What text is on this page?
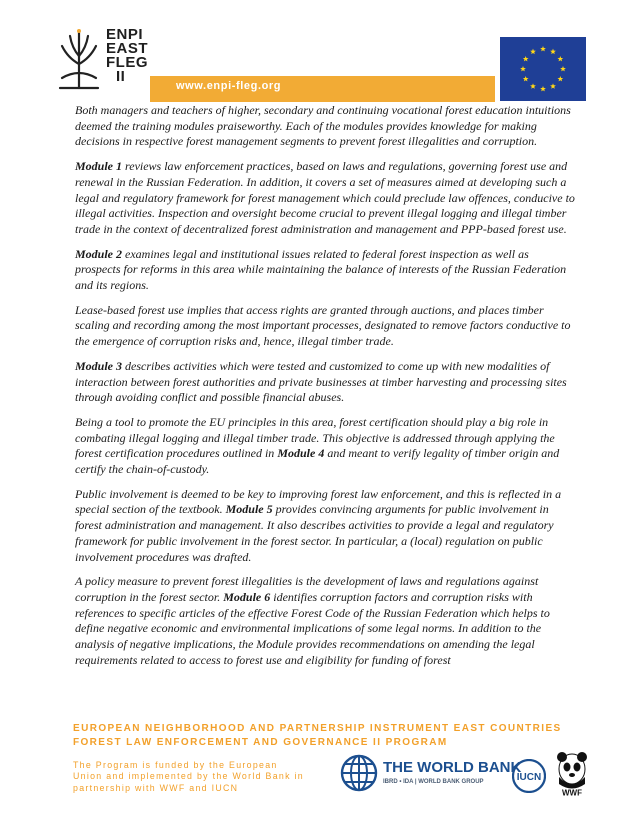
ENPI
EAST
FLEG
II
www.enpi-fleg.org

Both managers and teachers of higher, secondary and continuing vocational forest education intuitions deemed the training modules praiseworthy. Each of the modules provides knowledge for making decisions in respective forest management segments to prevent forest illegalities and corruption.

Module 1 reviews law enforcement practices, based on laws and regulations, governing forest use and renewal in the Russian Federation. In addition, it covers a set of measures aimed at developing such a legal and regulatory framework for forest management which could preclude law offences, conducive to illegal activities. Inspection and oversight become crucial to prevent illegal logging and illegal timber trade in the context of decentralized forest administration and management and PPP-based forest use.

Module 2 examines legal and institutional issues related to federal forest inspection as well as prospects for reforms in this area while maintaining the balance of interests of the Russian Federation and its regions.

Lease-based forest use implies that access rights are granted through auctions, and places timber scaling and recording among the most important processes, designated to remove factors conductive to the emergence of corruption risks and, hence, illegal timber trade.

Module 3 describes activities which were tested and customized to come up with new modalities of interaction between forest authorities and private businesses at timber harvesting and processing sites through avoiding conflict and possible financial abuses.

Being a tool to promote the EU principles in this area, forest certification should play a big role in combating illegal logging and illegal timber trade. This objective is addressed through applying the forest certification procedures outlined in Module 4 and meant to verify legality of timber origin and certify the chain-of-custody.

Public involvement is deemed to be key to improving forest law enforcement, and this is reflected in a special section of the textbook. Module 5 provides convincing arguments for public involvement in forest administration and management. It also describes activities to provide a legal and regulatory framework for public involvement in the forest sector. In particular, a (local) regulation on public involvement procedures was drafted.

A policy measure to prevent forest illegalities is the development of laws and regulations against corruption in the forest sector. Module 6 identifies corruption factors and corruption risks with references to specific articles of the effective Forest Code of the Russian Federation which helps to define negative economic and environmental implications of some legal norms. In addition to the analysis of negative implications, the Module provides recommendations on amending the legal requirements related to access to forest use and eligibility for funding of forest

EUROPEAN NEIGHBORHOOD AND PARTNERSHIP INSTRUMENT EAST COUNTRIES FOREST LAW ENFORCEMENT AND GOVERNANCE II PROGRAM
The Program is funded by the European Union and implemented by the World Bank in partnership with WWF and IUCN
THE WORLD BANK
IBRD • IDA | WORLD BANK GROUP	IUCN
WWF
